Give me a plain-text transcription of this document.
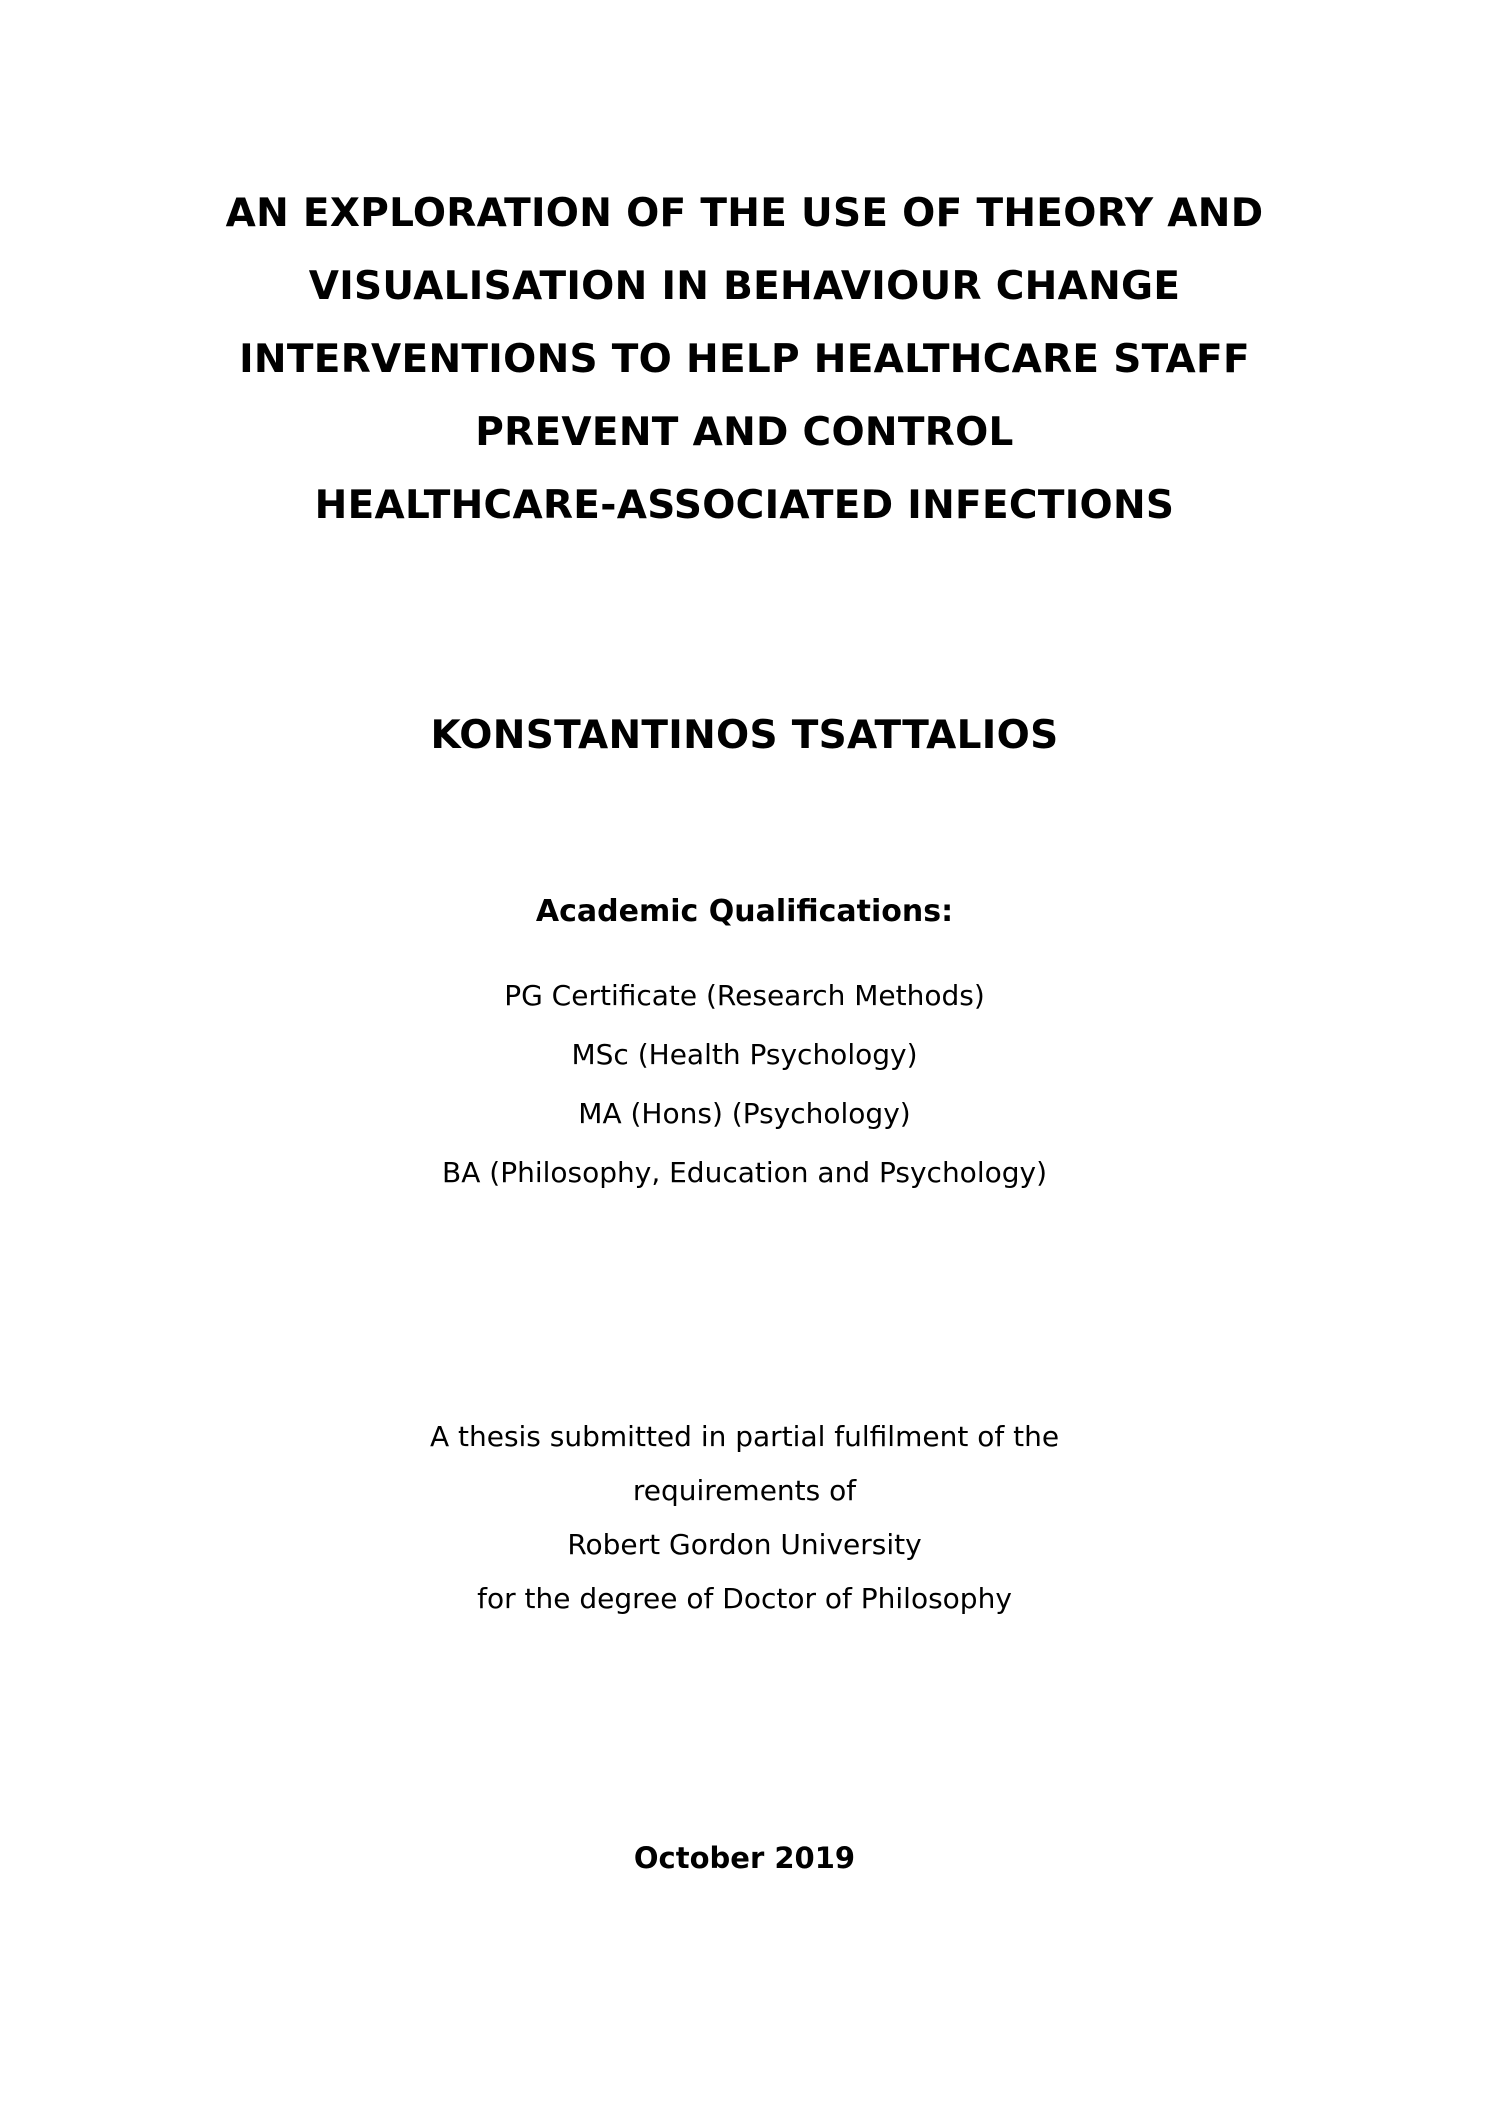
AN EXPLORATION OF THE USE OF THEORY AND
VISUALISATION IN BEHAVIOUR CHANGE
INTERVENTIONS TO HELP HEALTHCARE STAFF
PREVENT AND CONTROL
HEALTHCARE-ASSOCIATED INFECTIONS
KONSTANTINOS TSATTALIOS
Academic Qualifications:
PG Certificate (Research Methods)
MSc (Health Psychology)
MA (Hons) (Psychology)
BA (Philosophy, Education and Psychology)
A thesis submitted in partial fulfilment of the
requirements of
Robert Gordon University
for the degree of Doctor of Philosophy
October 2019
